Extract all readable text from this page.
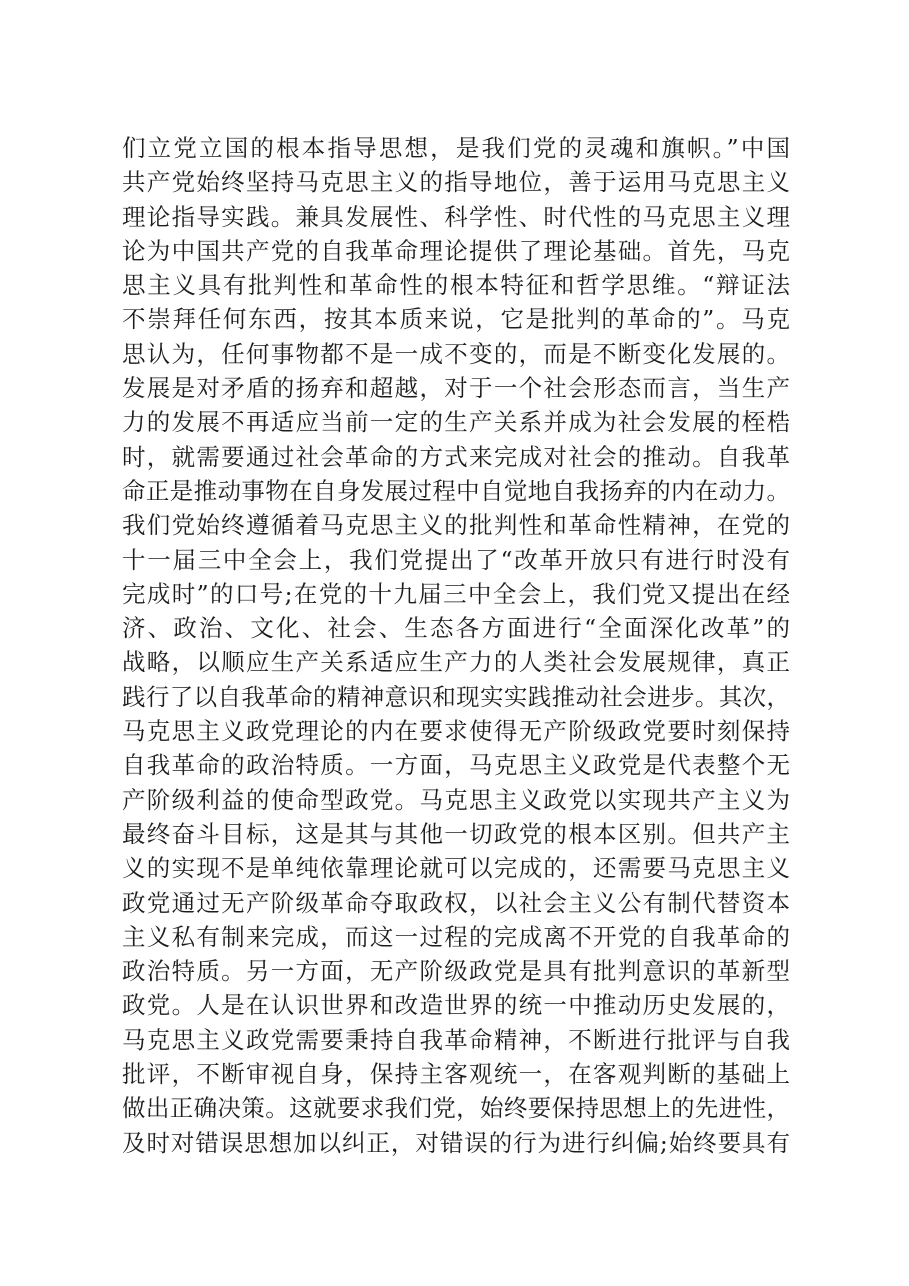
们立党立国的根本指导思想，是我们党的灵魂和旗帜。”中国
共产党始终坚持马克思主义的指导地位，善于运用马克思主义
理论指导实践。兼具发展性、科学性、时代性的马克思主义理
论为中国共产党的自我革命理论提供了理论基础。首先，马克
思主义具有批判性和革命性的根本特征和哲学思维。“辩证法
不崇拜任何东西，按其本质来说，它是批判的革命的”。马克
思认为，任何事物都不是一成不变的，而是不断变化发展的。
发展是对矛盾的扬弃和超越，对于一个社会形态而言，当生产
力的发展不再适应当前一定的生产关系并成为社会发展的桎梏
时，就需要通过社会革命的方式来完成对社会的推动。自我革
命正是推动事物在自身发展过程中自觉地自我扬弃的内在动力。
我们党始终遵循着马克思主义的批判性和革命性精神，在党的
十一届三中全会上，我们党提出了“改革开放只有进行时没有
完成时”的口号;在党的十九届三中全会上，我们党又提出在经
济、政治、文化、社会、生态各方面进行“全面深化改革”的
战略，以顺应生产关系适应生产力的人类社会发展规律，真正
践行了以自我革命的精神意识和现实实践推动社会进步。其次，
马克思主义政党理论的内在要求使得无产阶级政党要时刻保持
自我革命的政治特质。一方面，马克思主义政党是代表整个无
产阶级利益的使命型政党。马克思主义政党以实现共产主义为
最终奋斗目标，这是其与其他一切政党的根本区别。但共产主
义的实现不是单纯依靠理论就可以完成的，还需要马克思主义
政党通过无产阶级革命夺取政权，以社会主义公有制代替资本
主义私有制来完成，而这一过程的完成离不开党的自我革命的
政治特质。另一方面，无产阶级政党是具有批判意识的革新型
政党。人是在认识世界和改造世界的统一中推动历史发展的，
马克思主义政党需要秉持自我革命精神，不断进行批评与自我
批评，不断审视自身，保持主客观统一，在客观判断的基础上
做出正确决策。这就要求我们党，始终要保持思想上的先进性，
及时对错误思想加以纠正，对错误的行为进行纠偏;始终要具有
